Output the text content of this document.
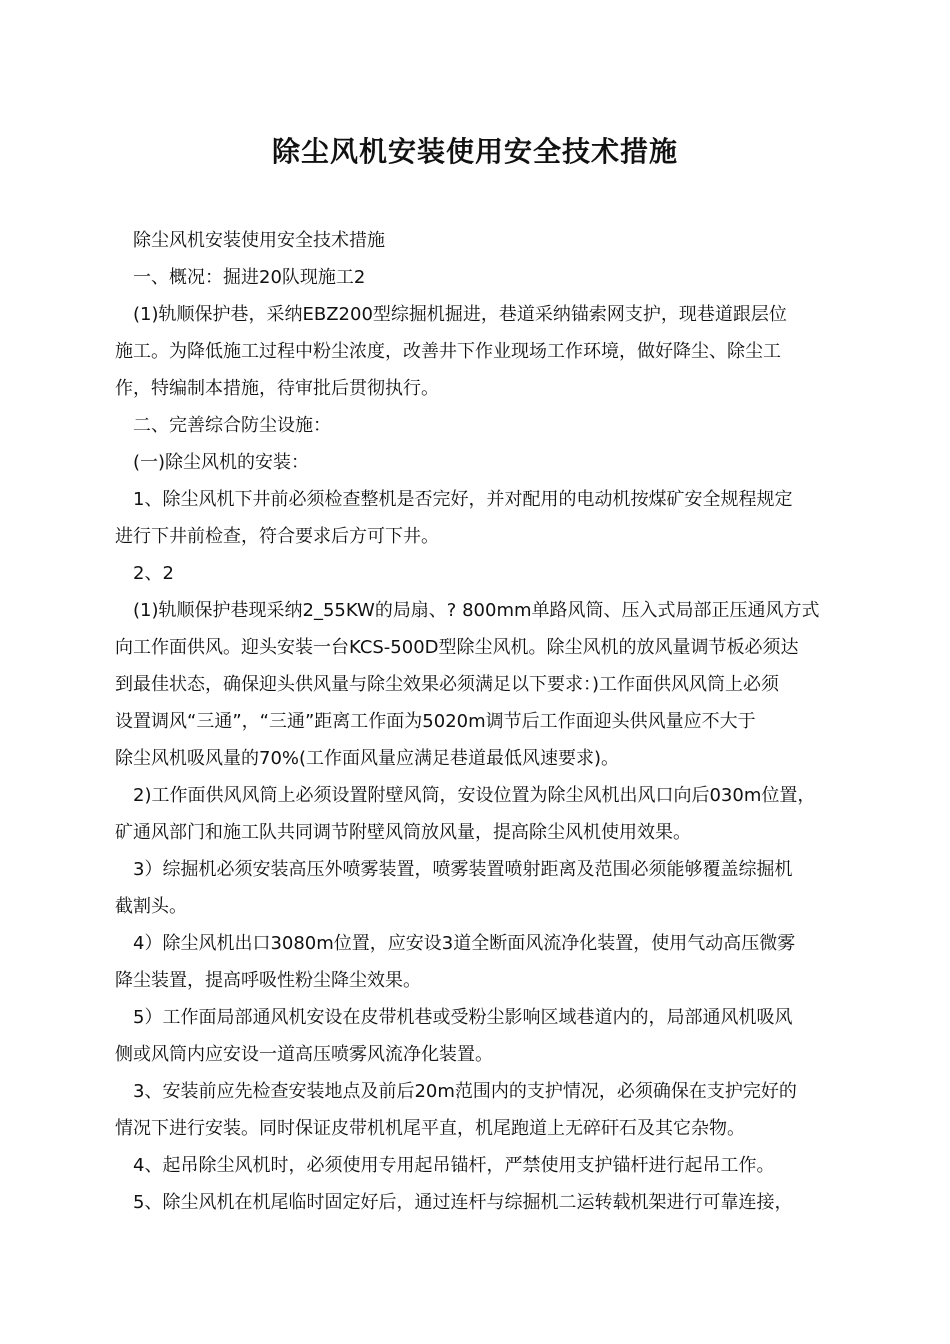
除尘风机安装使用安全技术措施
除尘风机安装使用安全技术措施
一、概况：掘进20队现施工2
(1)轨顺保护巷，采纳EBZ200型综掘机掘进，巷道采纳锚索网支护，现巷道跟层位
施工。为降低施工过程中粉尘浓度，改善井下作业现场工作环境，做好降尘、除尘工
作，特编制本措施，待审批后贯彻执行。
二、完善综合防尘设施：
(一)除尘风机的安装：
1、除尘风机下井前必须检查整机是否完好，并对配用的电动机按煤矿安全规程规定
进行下井前检查，符合要求后方可下井。
2、2
(1)轨顺保护巷现采纳2_55KW的局扇、? 800mm单路风筒、压入式局部正压通风方式
向工作面供风。迎头安装一台KCS-500D型除尘风机。除尘风机的放风量调节板必须达
到最佳状态，确保迎头供风量与除尘效果必须满足以下要求：)工作面供风风筒上必须
设置调风“三通”，“三通”距离工作面为5020m调节后工作面迎头供风量应不大于
除尘风机吸风量的70%(工作面风量应满足巷道最低风速要求)。
2)工作面供风风筒上必须设置附壁风筒，安设位置为除尘风机出风口向后030m位置，
矿通风部门和施工队共同调节附壁风筒放风量，提高除尘风机使用效果。
3）综掘机必须安装高压外喷雾装置，喷雾装置喷射距离及范围必须能够覆盖综掘机
截割头。
4）除尘风机出口3080m位置，应安设3道全断面风流净化装置，使用气动高压微雾
降尘装置，提高呼吸性粉尘降尘效果。
5）工作面局部通风机安设在皮带机巷或受粉尘影响区域巷道内的，局部通风机吸风
侧或风筒内应安设一道高压喷雾风流净化装置。
3、安装前应先检查安装地点及前后20m范围内的支护情况，必须确保在支护完好的
情况下进行安装。同时保证皮带机机尾平直，机尾跑道上无碎矸石及其它杂物。
4、起吊除尘风机时，必须使用专用起吊锚杆，严禁使用支护锚杆进行起吊工作。
5、除尘风机在机尾临时固定好后，通过连杆与综掘机二运转载机架进行可靠连接，
